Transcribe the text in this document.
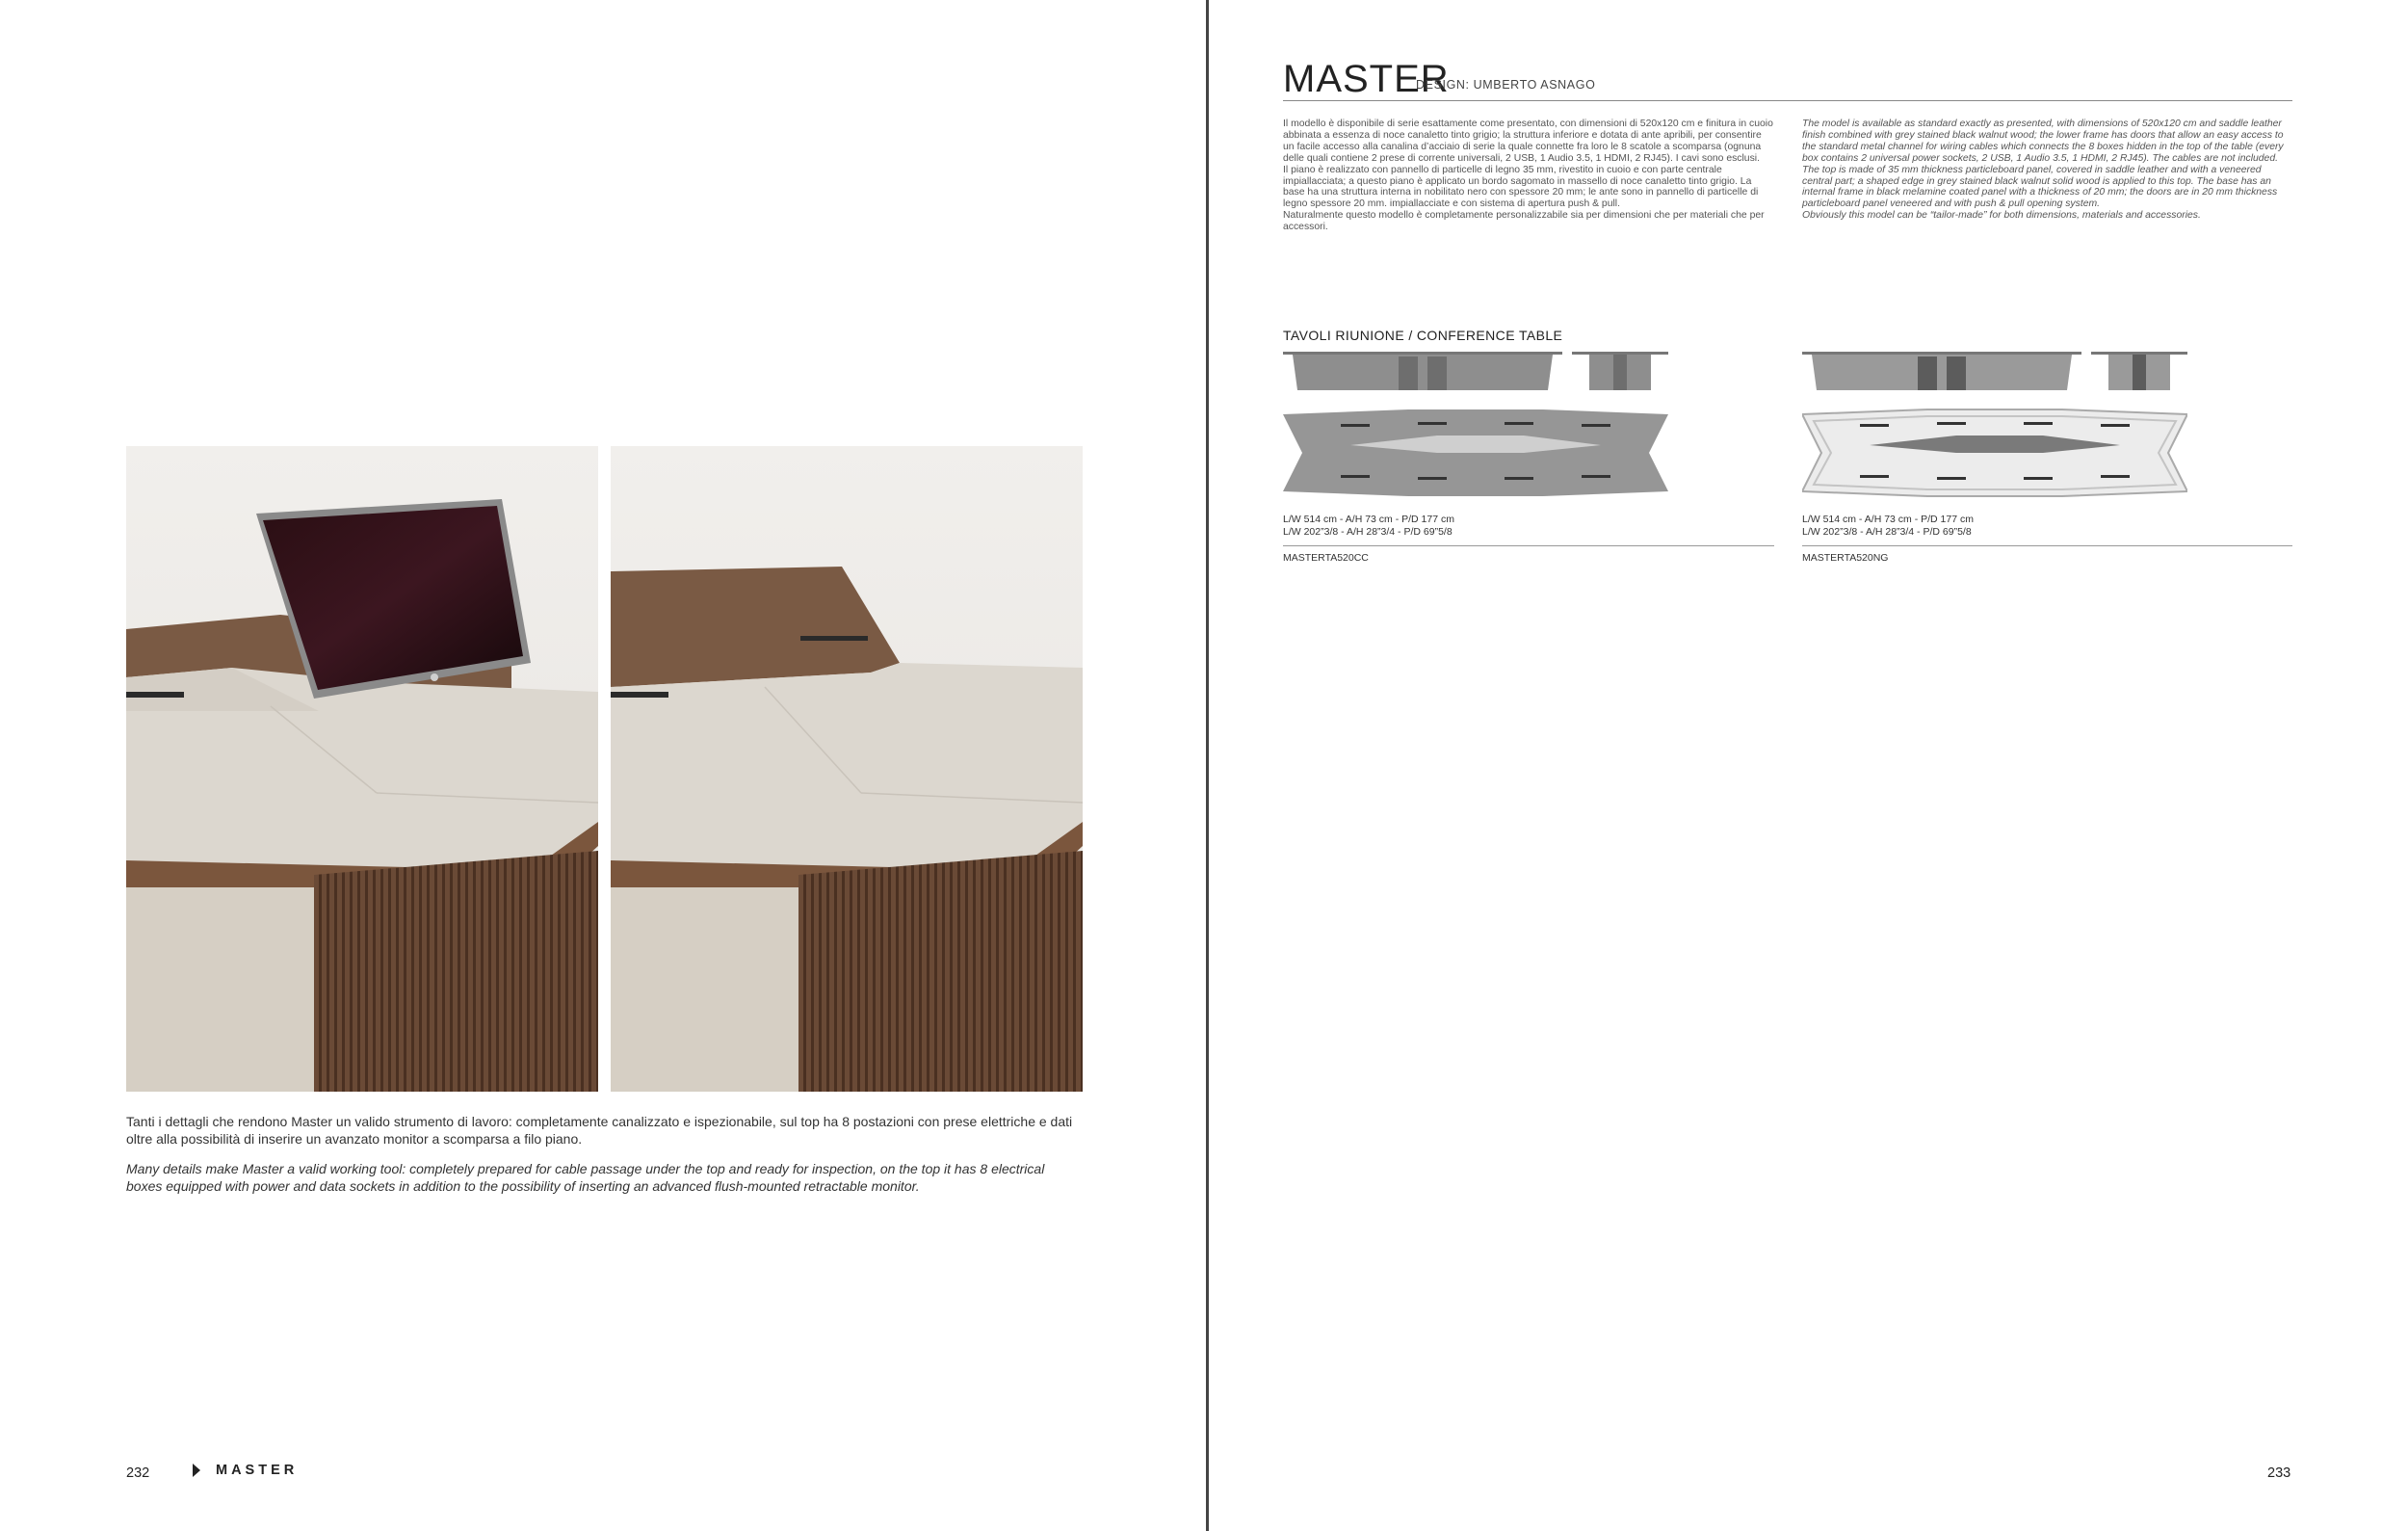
Tanti i dettagli che rendono Master un valido strumento di lavoro: completamente canalizzato e ispezionabile, sul top ha 8 postazioni con prese elettriche e dati oltre alla possibilità di inserire un avanzato monitor a scomparsa a filo piano.
Many details make Master a valid working tool: completely prepared for cable passage under the top and ready for inspection, on the top it has 8 electrical boxes equipped with power and data sockets in addition to the possibility of inserting an advanced flush-mounted retractable monitor.
232	MASTER
MASTER
DESIGN: UMBERTO ASNAGO

Il modello è disponibile di serie esattamente come presentato, con dimensioni di 520x120 cm e finitura in cuoio abbinata a essenza di noce canaletto tinto grigio; la struttura inferiore e dotata di ante apribili, per consentire un facile accesso alla canalina d’acciaio di serie la quale connette fra loro le 8 scatole a scomparsa (ognuna delle quali contiene 2 prese di corrente universali, 2 USB, 1 Audio 3.5, 1 HDMI, 2 RJ45). I cavi sono esclusi.

Il piano è realizzato con pannello di particelle di legno 35 mm, rivestito in cuoio e con parte centrale impiallacciata; a questo piano è applicato un bordo sagomato in massello di noce canaletto tinto grigio. La base ha una struttura interna in nobilitato nero con spessore 20 mm; le ante sono in pannello di particelle di legno spessore 20 mm. impiallacciate e con sistema di apertura push & pull.

Naturalmente questo modello è completamente personalizzabile sia per dimensioni che per materiali che per accessori.

The model is available as standard exactly as presented, with dimensions of 520x120 cm and saddle leather finish combined with grey stained black walnut wood; the lower frame has doors that allow an easy access to the standard metal channel for wiring cables which connects the 8 boxes hidden in the top of the table (every box contains 2 universal power sockets, 2 USB, 1 Audio 3.5, 1 HDMI, 2 RJ45). The cables are not included.

The top is made of 35 mm thickness particleboard panel, covered in saddle leather and with a veneered central part; a shaped edge in grey stained black walnut solid wood is applied to this top. The base has an internal frame in black melamine coated panel with a thickness of 20 mm; the doors are in 20 mm thickness particleboard panel veneered and with push & pull opening system.

Obviously this model can be “tailor-made” for both dimensions, materials and accessories.

TAVOLI RIUNIONE / CONFERENCE TABLE
L/W 514 cm - A/H 73 cm - P/D 177 cm
L/W 202”3/8 - A/H 28”3/4 - P/D 69”5/8
MASTERTA520CC
L/W 514 cm - A/H 73 cm - P/D 177 cm
L/W 202”3/8 - A/H 28”3/4 - P/D 69”5/8
MASTERTA520NG
233
